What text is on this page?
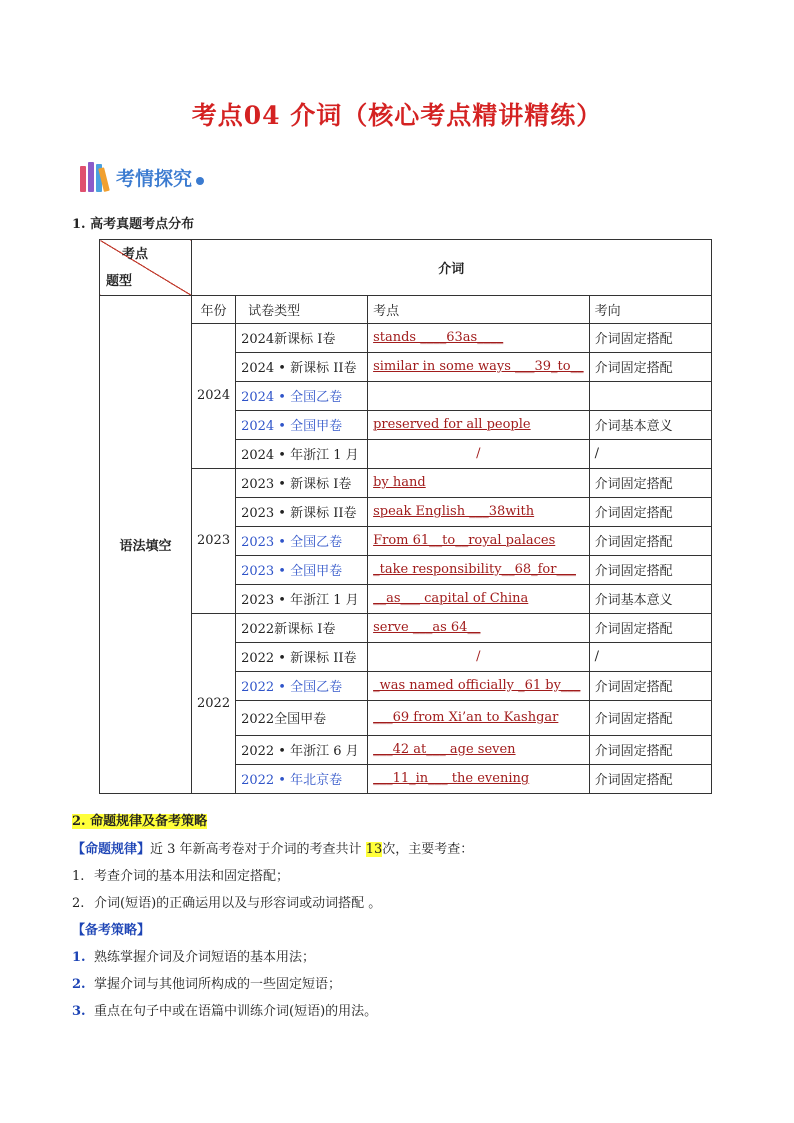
考点04 介词（核心考点精讲精练）
考情探究
1. 高考真题考点分布
考点
题型	介词			
语法填空	年份	试卷类型	考点	考向
	2024	2024新课标 I卷	stands ____63as____	介词固定搭配
		2024 • 新课标 II卷	similar in some ways ___39_to__	介词固定搭配
		2024 • 全国乙卷		
		2024 • 全国甲卷	preserved for all people	介词基本意义
		2024 • 年浙江 1 月	/	/
	2023	2023 • 新课标 I卷	by hand	介词固定搭配
		2023 • 新课标 II卷	speak English ___38with	介词固定搭配
		2023 • 全国乙卷	From 61__to__royal palaces	介词固定搭配
		2023 • 全国甲卷	_take responsibility__68_for___	介词固定搭配
		2023 • 年浙江 1 月	__as___ capital of China	介词基本意义
	2022	2022新课标 I卷	serve ___as 64__	介词固定搭配
		2022 • 新课标 II卷	/	/
		2022 • 全国乙卷	_was named officially _61 by___	介词固定搭配
		2022全国甲卷	___69 from Xi’an to Kashgar	介词固定搭配
		2022 • 年浙江 6 月	___42 at___ age seven	介词固定搭配
		2022 • 年北京卷	___11_in___ the evening	介词固定搭配
2. 命题规律及备考策略
【命题规律】近 3 年新高考卷对于介词的考查共计 13次，主要考查：
1. 考查介词的基本用法和固定搭配；
2. 介词(短语)的正确运用以及与形容词或动词搭配 。
【备考策略】
1. 熟练掌握介词及介词短语的基本用法；
2. 掌握介词与其他词所构成的一些固定短语；
3. 重点在句子中或在语篇中训练介词(短语)的用法。
